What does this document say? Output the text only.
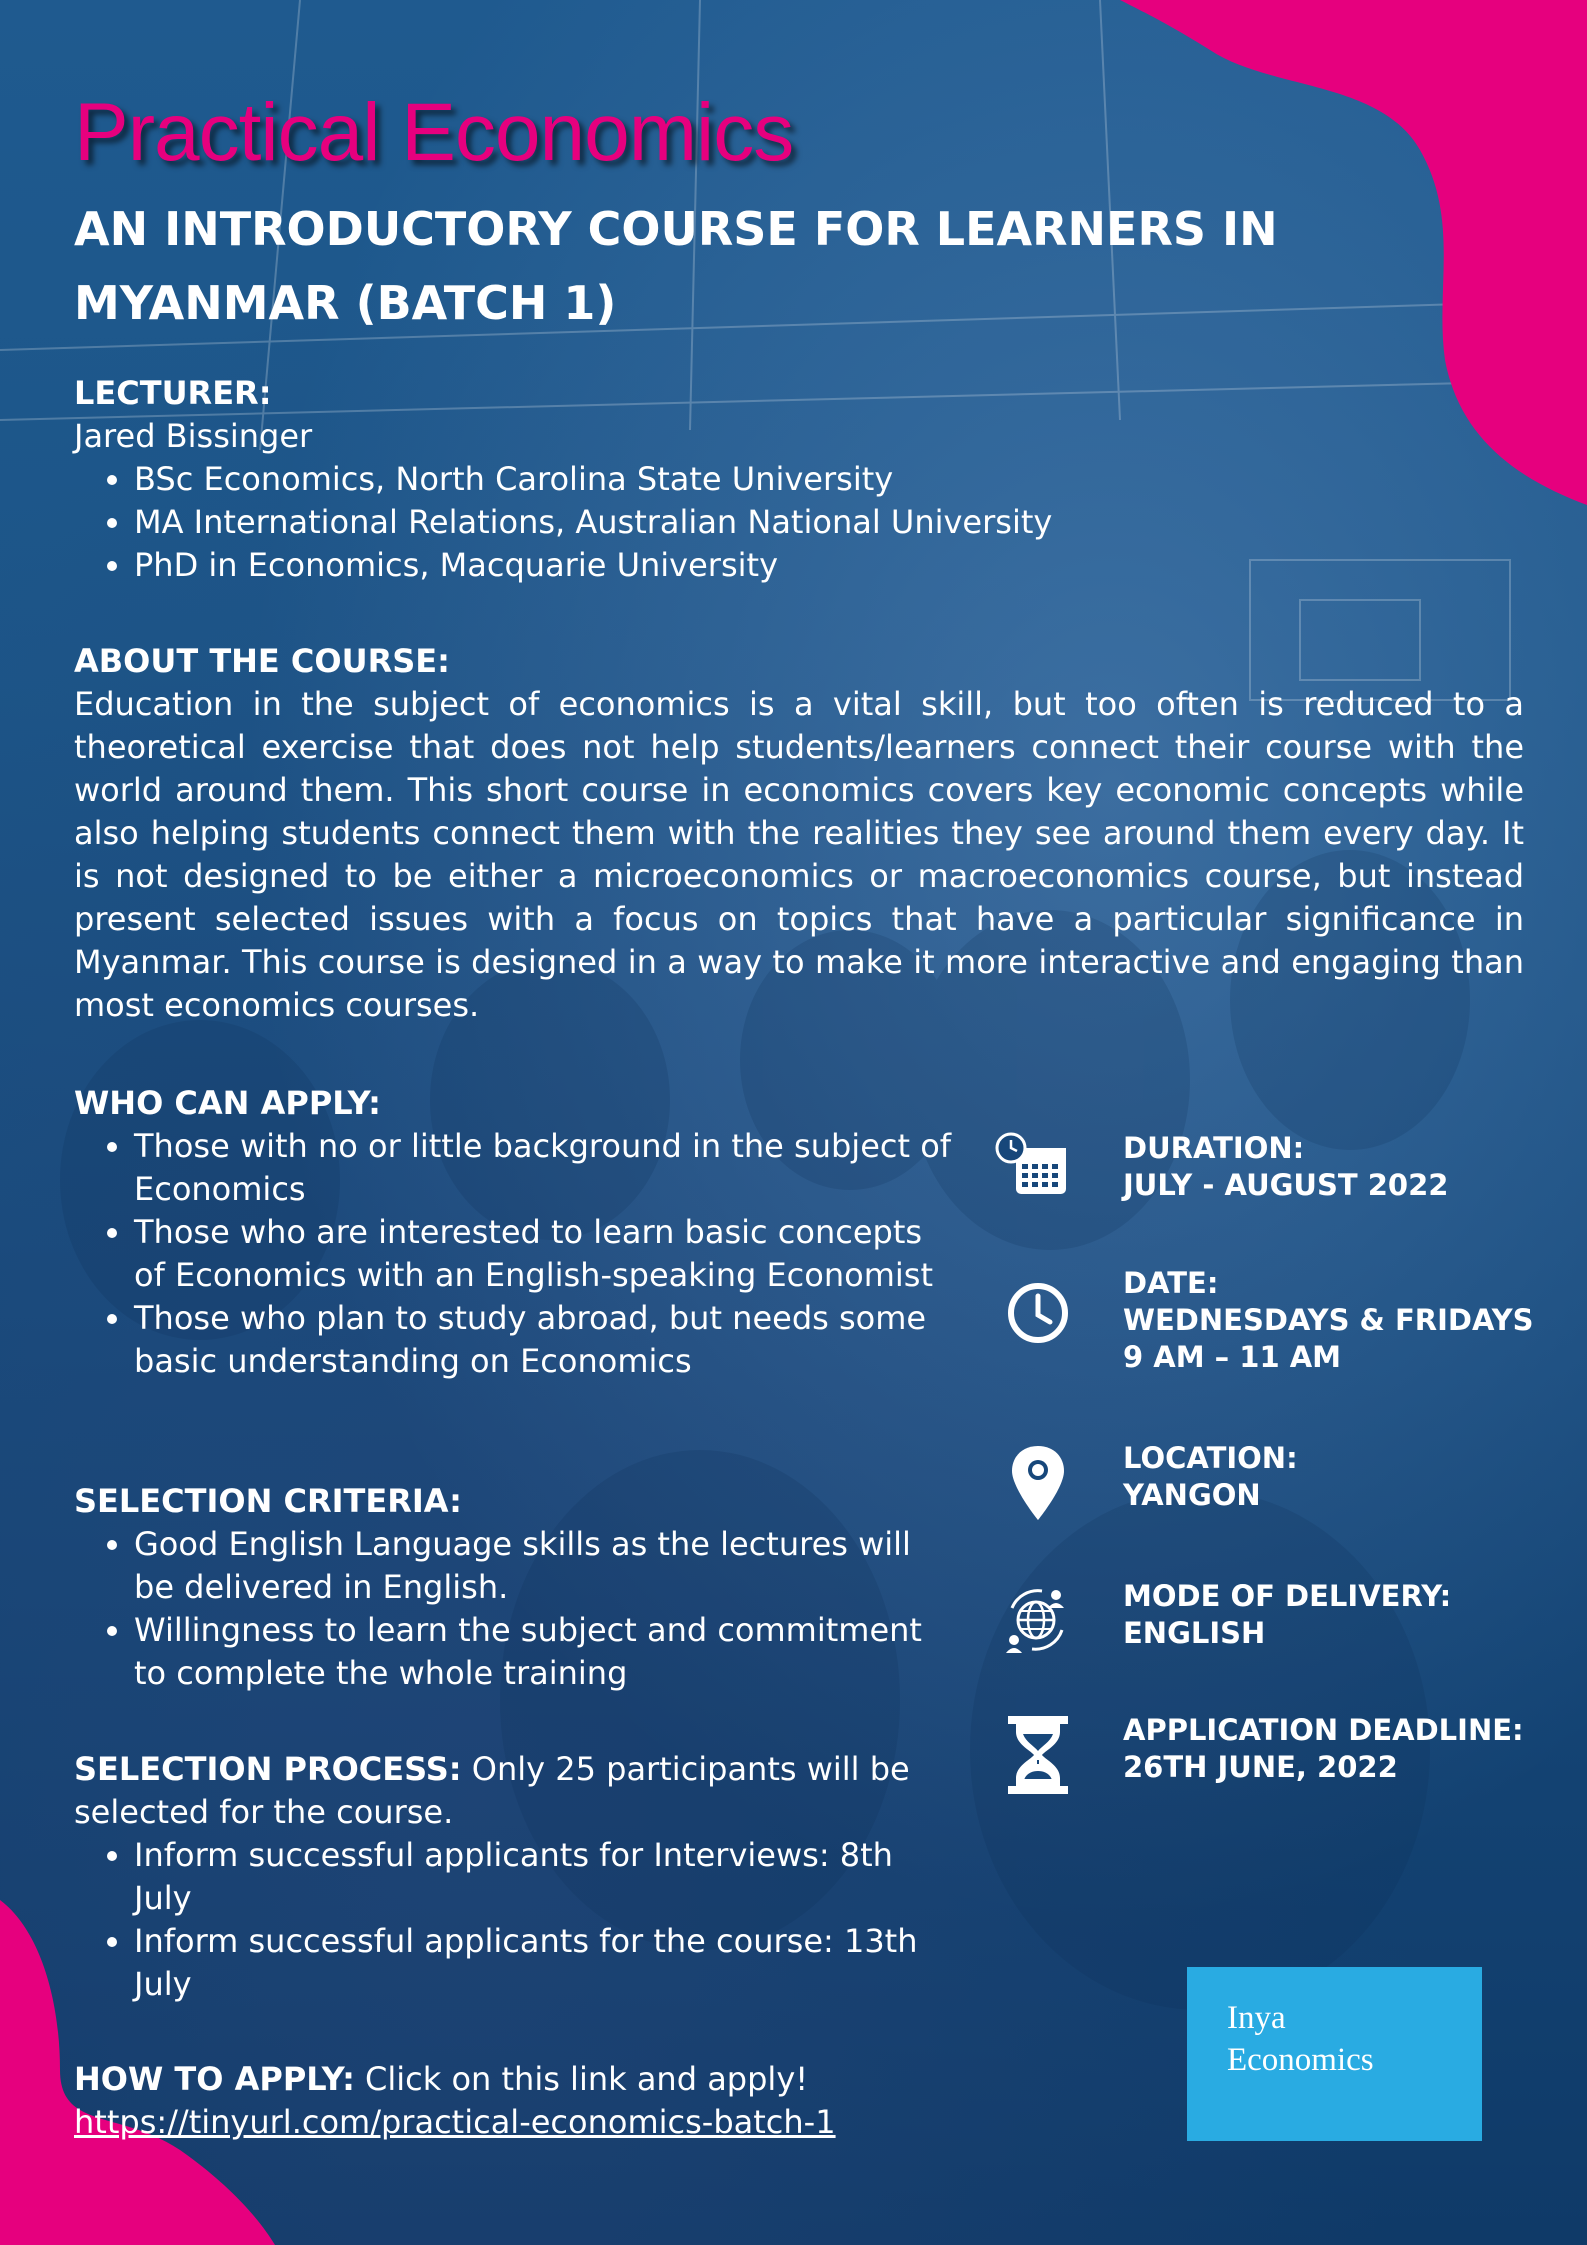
Practical Economics
AN INTRODUCTORY COURSE FOR LEARNERS IN MYANMAR (BATCH 1)
LECTURER:
Jared Bissinger
• BSc Economics, North Carolina State University
• MA International Relations, Australian National University
• PhD in Economics, Macquarie University
ABOUT THE COURSE:
Education in the subject of economics is a vital skill, but too often is reduced to a theoretical exercise that does not help students/learners connect their course with the world around them. This short course in economics covers key economic concepts while also helping students connect them with the realities they see around them every day. It is not designed to be either a microeconomics or macroeconomics course, but instead present selected issues with a focus on topics that have a particular significance in Myanmar. This course is designed in a way to make it more interactive and engaging than most economics courses.
WHO CAN APPLY:
• Those with no or little background in the subject of Economics
• Those who are interested to learn basic concepts of Economics with an English-speaking Economist
• Those who plan to study abroad, but needs some basic understanding on Economics
SELECTION CRITERIA:
• Good English Language skills as the lectures will be delivered in English.
• Willingness to learn the subject and commitment to complete the whole training
SELECTION PROCESS: Only 25 participants will be selected for the course.
• Inform successful applicants for Interviews: 8th July
• Inform successful applicants for the course: 13th July
HOW TO APPLY: Click on this link and apply!
https://tinyurl.com/practical-economics-batch-1
DURATION:
JULY - AUGUST 2022
DATE:
WEDNESDAYS & FRIDAYS
9 AM – 11 AM
LOCATION:
YANGON
MODE OF DELIVERY:
ENGLISH
APPLICATION DEADLINE:
26TH JUNE, 2022
Inya
Economics
